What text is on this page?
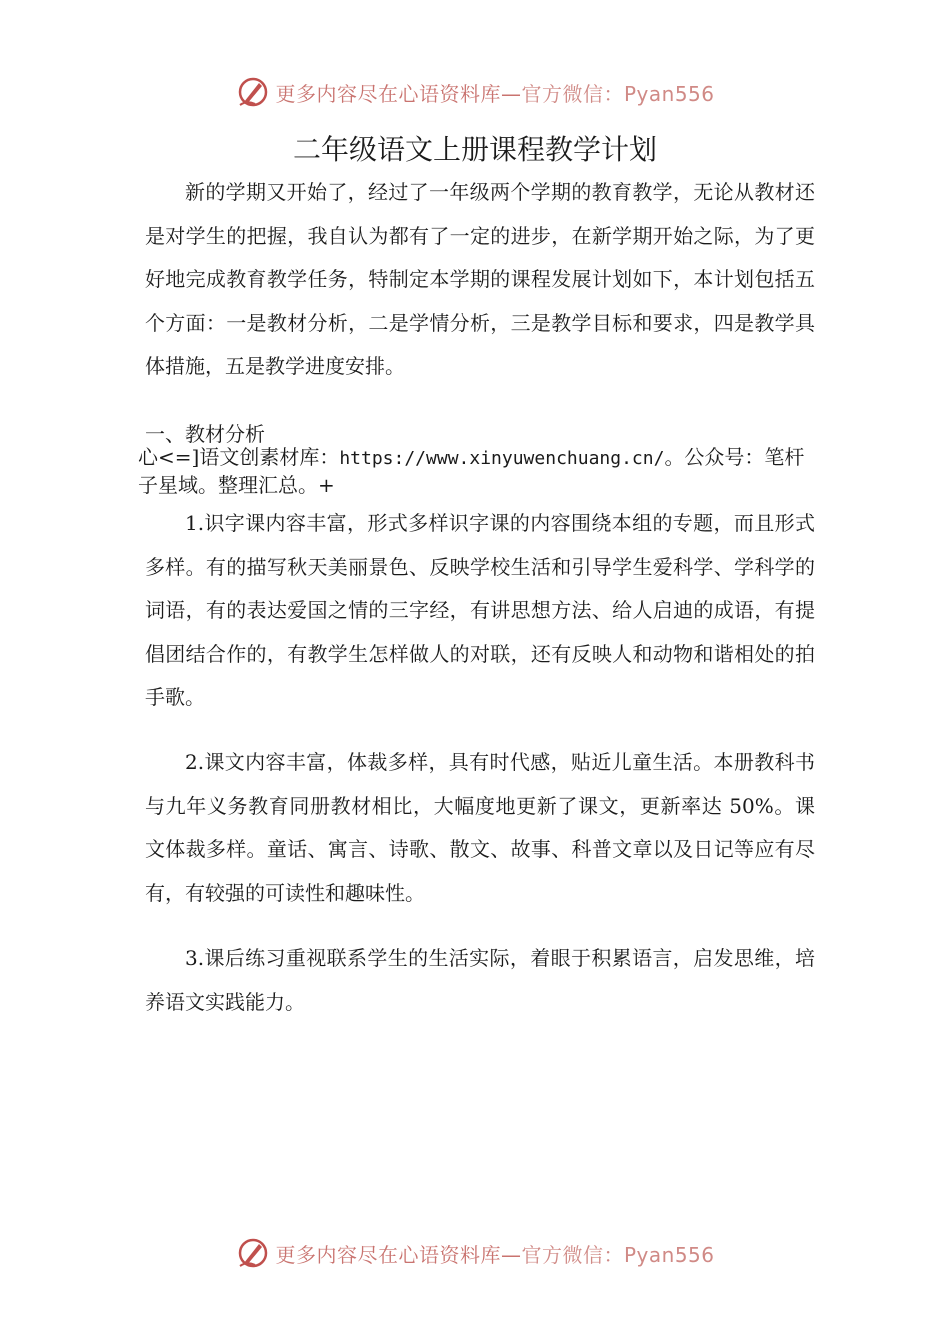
更多内容尽在心语资料库—官方微信：Pyan556
二年级语文上册课程教学计划

新的学期又开始了，经过了一年级两个学期的教育教学，无论从教材还是对学生的把握，我自认为都有了一定的进步，在新学期开始之际，为了更好地完成教育教学任务，特制定本学期的课程发展计划如下，本计划包括五个方面：一是教材分析，二是学情分析，三是教学目标和要求，四是教学具体措施，五是教学进度安排。

一、教材分析

心<=]语文创素材库：https://www.xinyuwenchuang.cn/。公众号：笔杆子星域。整理汇总。+

1.识字课内容丰富，形式多样识字课的内容围绕本组的专题，而且形式多样。有的描写秋天美丽景色、反映学校生活和引导学生爱科学、学科学的词语，有的表达爱国之情的三字经，有讲思想方法、给人启迪的成语，有提倡团结合作的，有教学生怎样做人的对联，还有反映人和动物和谐相处的拍手歌。

2.课文内容丰富，体裁多样，具有时代感，贴近儿童生活。本册教科书与九年义务教育同册教材相比，大幅度地更新了课文，更新率达 50%。课文体裁多样。童话、寓言、诗歌、散文、故事、科普文章以及日记等应有尽有，有较强的可读性和趣味性。

3.课后练习重视联系学生的生活实际，着眼于积累语言，启发思维，培养语文实践能力。

更多内容尽在心语资料库—官方微信：Pyan556
